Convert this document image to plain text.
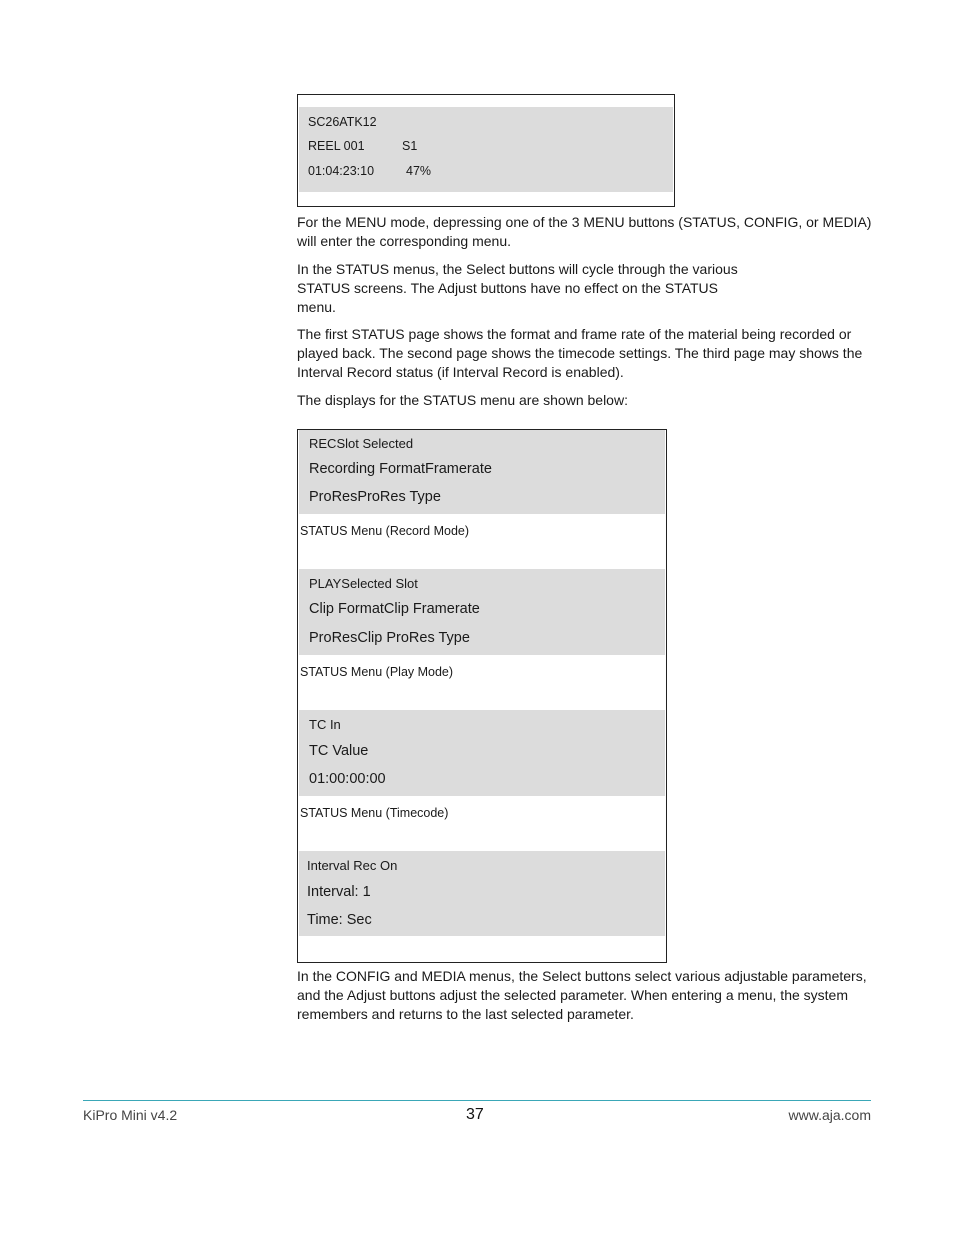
SC26ATK12
REEL 001	S1
01:04:23:10	47%

For the MENU mode, depressing one of the 3 MENU buttons (STATUS, CONFIG, or MEDIA) will enter the corresponding menu.

In the STATUS menus, the Select buttons will cycle through the various
STATUS screens. The Adjust buttons have no effect on the STATUS
menu.

The first STATUS page shows the format and frame rate of the material being recorded or played back. The second page shows the timecode settings. The third page may shows the Interval Record status (if Interval Record is enabled).

The displays for the STATUS menu are shown below:

RECSlot Selected
Recording FormatFramerate
ProResProRes Type
STATUS Menu (Record Mode)
PLAYSelected Slot
Clip FormatClip Framerate
ProResClip ProRes Type
STATUS Menu (Play Mode)
TC In
TC Value
01:00:00:00
STATUS Menu (Timecode)
Interval Rec On
Interval: 1
Time: Sec

In the CONFIG and MEDIA menus, the Select buttons select various adjustable parameters, and the Adjust buttons adjust the selected parameter. When entering a menu, the system remembers and returns to the last selected parameter.

KiPro Mini v4.2	37	www.aja.com
